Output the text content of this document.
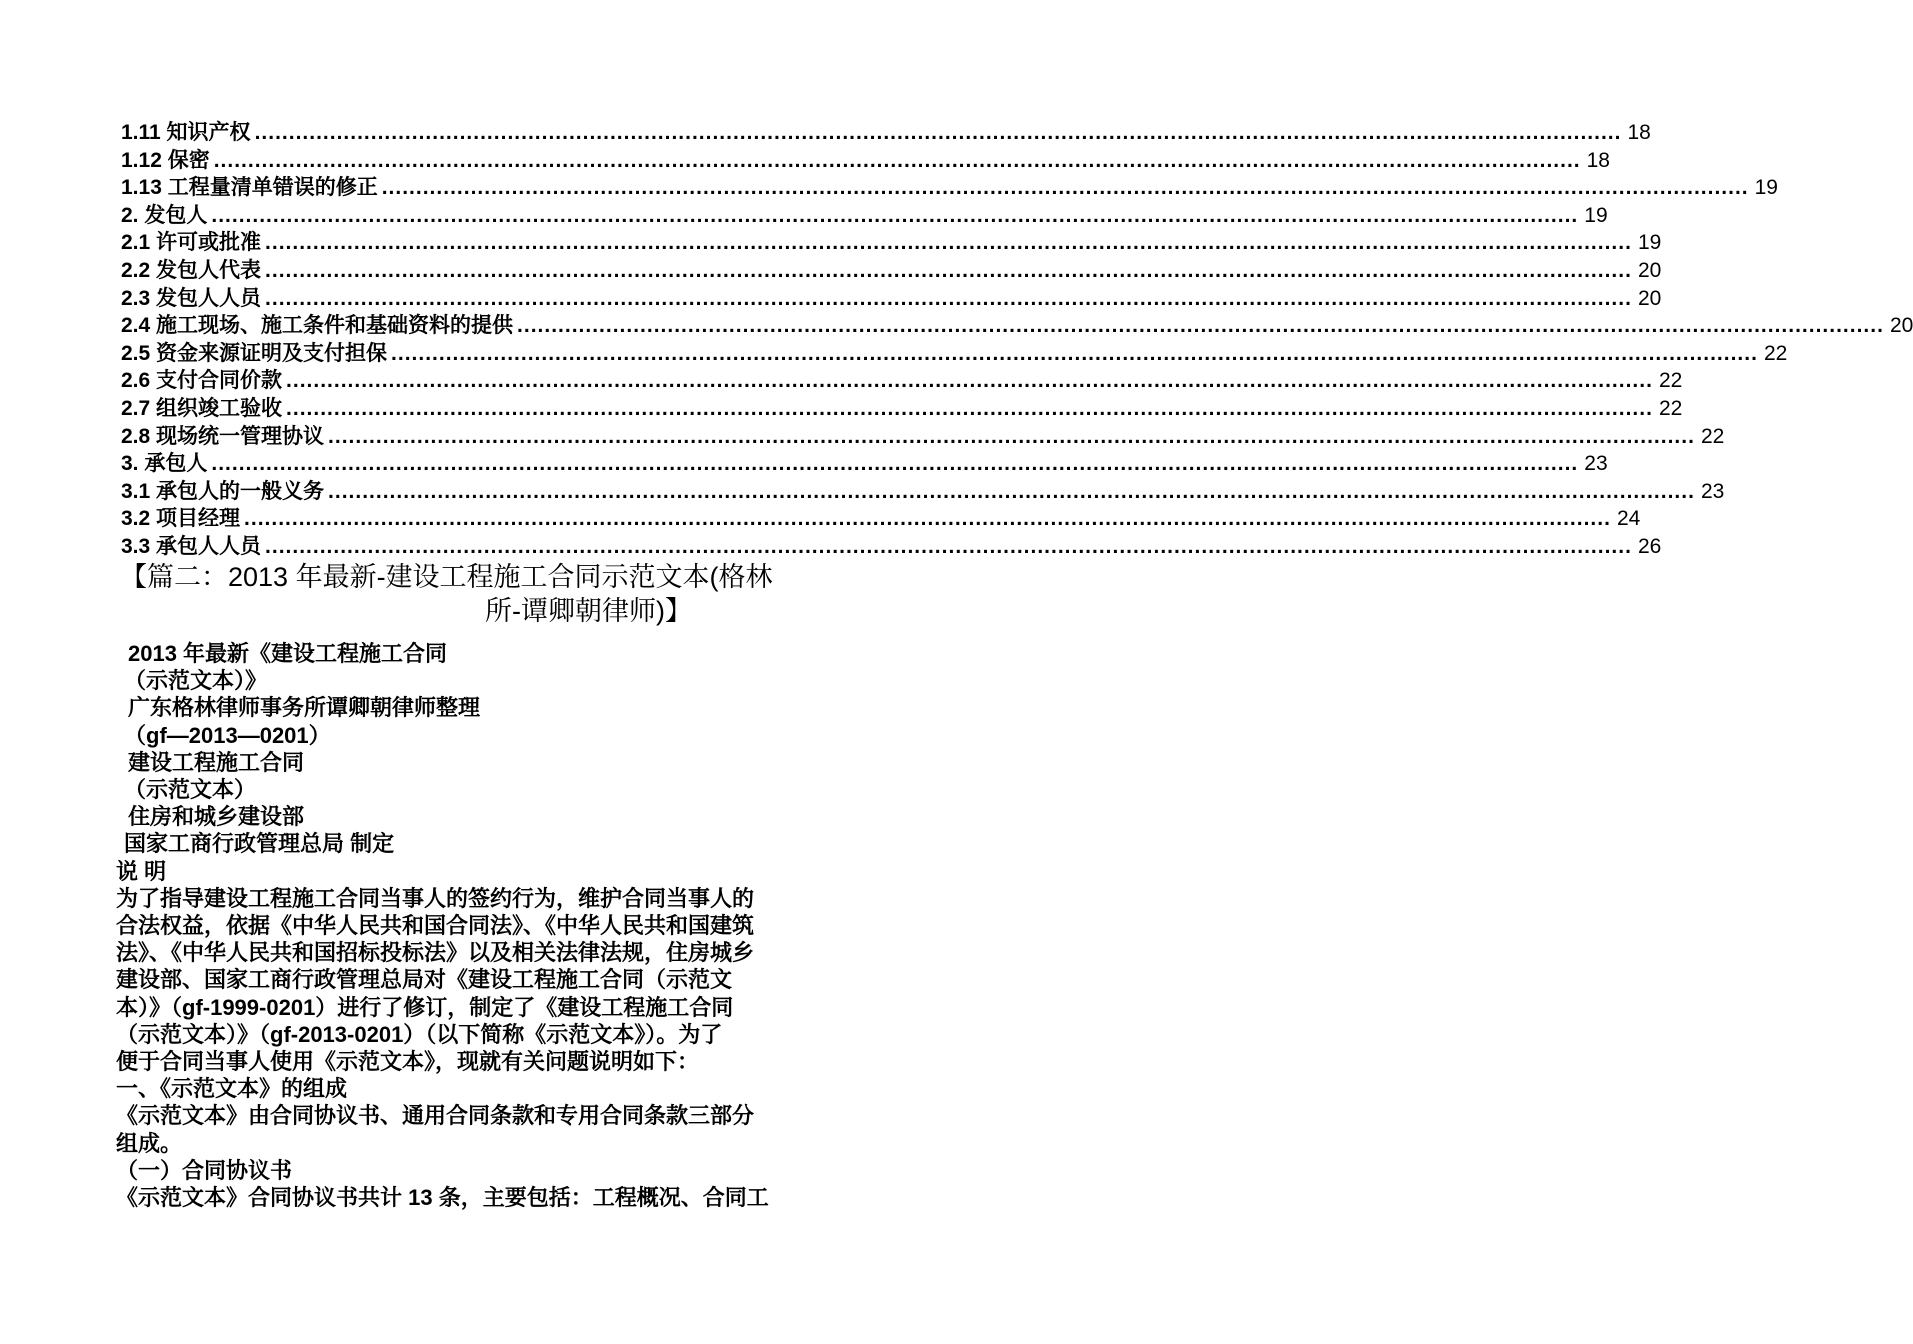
1.11 知识产权 ........................................................................................................................................................................................................ 18
1.12 保密 ........................................................................................................................................................................................................ 18
1.13 工程量清单错误的修正 ........................................................................................................................................................................................................ 19
2. 发包人 ........................................................................................................................................................................................................ 19
2.1 许可或批准 ........................................................................................................................................................................................................ 19
2.2 发包人代表 ........................................................................................................................................................................................................ 20
2.3 发包人人员 ........................................................................................................................................................................................................ 20
2.4 施工现场、施工条件和基础资料的提供 ........................................................................................................................................................................................................ 20
2.5 资金来源证明及支付担保 ........................................................................................................................................................................................................ 22
2.6 支付合同价款 ........................................................................................................................................................................................................ 22
2.7 组织竣工验收 ........................................................................................................................................................................................................ 22
2.8 现场统一管理协议 ........................................................................................................................................................................................................ 22
3. 承包人 ........................................................................................................................................................................................................ 23
3.1 承包人的一般义务 ........................................................................................................................................................................................................ 23
3.2 项目经理 ........................................................................................................................................................................................................ 24
3.3 承包人人员 ........................................................................................................................................................................................................ 26
【篇二：2013 年最新-建设工程施工合同示范文本(格林
所-谭卿朝律师)】
2013 年最新《建设工程施工合同
（示范文本）》
广东格林律师事务所谭卿朝律师整理
（gf—2013—0201）
建设工程施工合同
（示范文本）
住房和城乡建设部
国家工商行政管理总局 制定
说 明
为了指导建设工程施工合同当事人的签约行为，维护合同当事人的
合法权益，依据《中华人民共和国合同法》、《中华人民共和国建筑
法》、《中华人民共和国招标投标法》以及相关法律法规，住房城乡
建设部、国家工商行政管理总局对《建设工程施工合同（示范文
本）》（gf-1999-0201）进行了修订，制定了《建设工程施工合同
（示范文本）》（gf-2013-0201）（以下简称《示范文本》）。为了
便于合同当事人使用《示范文本》，现就有关问题说明如下：
一、《示范文本》的组成
《示范文本》由合同协议书、通用合同条款和专用合同条款三部分
组成。
（一）合同协议书
《示范文本》合同协议书共计 13 条，主要包括：工程概况、合同工
